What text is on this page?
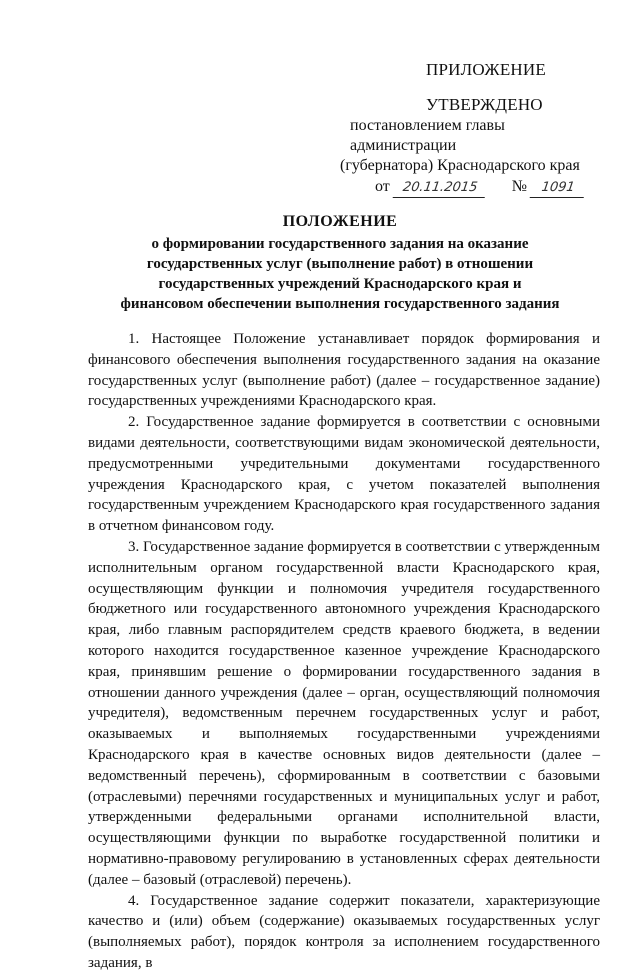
ПРИЛОЖЕНИЕ
УТВЕРЖДЕНО
постановлением главы администрации
(губернатора) Краснодарского края
от 20.11.2015 № 1091
ПОЛОЖЕНИЕ
о формировании государственного задания на оказание
государственных услуг (выполнение работ) в отношении
государственных учреждений Краснодарского края и
финансовом обеспечении выполнения государственного задания

1. Настоящее Положение устанавливает порядок формирования и финансового обеспечения выполнения государственного задания на оказание государственных услуг (выполнение работ) (далее – государственное задание) государственных учреждениями Краснодарского края.

2. Государственное задание формируется в соответствии с основными видами деятельности, соответствующими видам экономической деятельности, предусмотренными учредительными документами государственного учреждения Краснодарского края, с учетом показателей выполнения государственным учреждением Краснодарского края государственного задания в отчетном финансовом году.

3. Государственное задание формируется в соответствии с утвержденным исполнительным органом государственной власти Краснодарского края, осуществляющим функции и полномочия учредителя государственного бюджетного или государственного автономного учреждения Краснодарского края, либо главным распорядителем средств краевого бюджета, в ведении которого находится государственное казенное учреждение Краснодарского края, принявшим решение о формировании государственного задания в отношении данного учреждения (далее – орган, осуществляющий полномочия учредителя), ведомственным перечнем государственных услуг и работ, оказываемых и выполняемых государственными учреждениями Краснодарского края в качестве основных видов деятельности (далее – ведомственный перечень), сформированным в соответствии с базовыми (отраслевыми) перечнями государственных и муниципальных услуг и работ, утвержденными федеральными органами исполнительной власти, осуществляющими функции по выработке государственной политики и нормативно-правовому регулированию в установленных сферах деятельности (далее – базовый (отраслевой) перечень).

4. Государственное задание содержит показатели, характеризующие качество и (или) объем (содержание) оказываемых государственных услуг (выполняемых работ), порядок контроля за исполнением государственного задания, в
